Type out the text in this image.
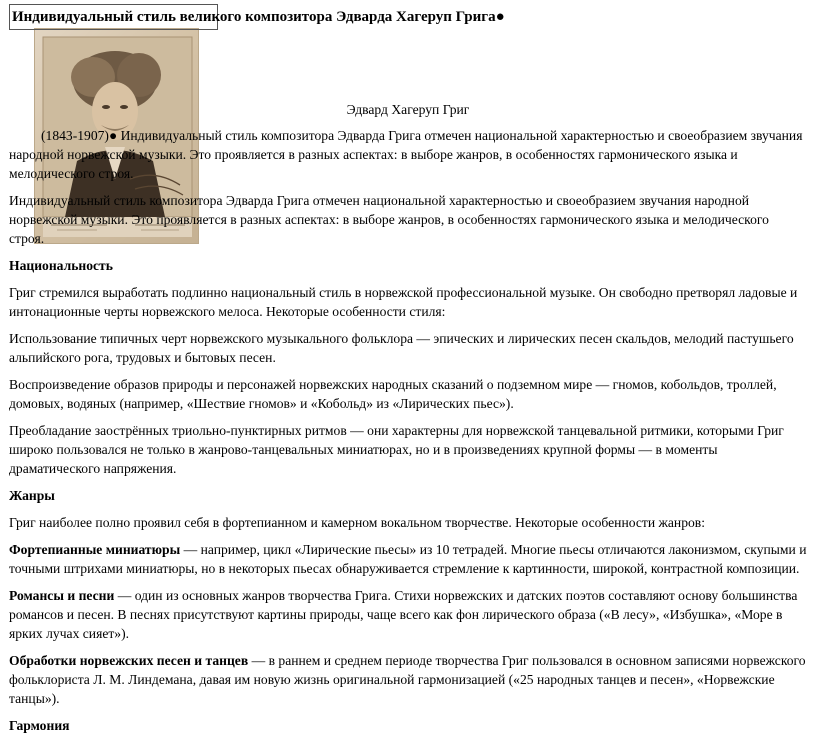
Индивидуальный стиль великого композитора Эдварда Хагеруп Грига●
Эдвард Хагеруп Григ

(1843-1907)● Индивидуальный стиль композитора Эдварда Грига отмечен национальной характерностью и своеобразием звучания народной норвежской музыки. Это проявляется в разных аспектах: в выборе жанров, в особенностях гармонического языка и мелодического строя.

Индивидуальный стиль композитора Эдварда Грига отмечен национальной характерностью и своеобразием звучания народной норвежской музыки. Это проявляется в разных аспектах: в выборе жанров, в особенностях гармонического языка и мелодического строя.

Национальность

Григ стремился выработать подлинно национальный стиль в норвежской профессиональной музыке. Он свободно претворял ладовые и интонационные черты норвежского мелоса. Некоторые особенности стиля:

Использование типичных черт норвежского музыкального фольклора — эпических и лирических песен скальдов, мелодий пастушьего альпийского рога, трудовых и бытовых песен.

Воспроизведение образов природы и персонажей норвежских народных сказаний о подземном мире — гномов, кобольдов, троллей, домовых, водяных (например, «Шествие гномов» и «Кобольд» из «Лирических пьес»).

Преобладание заострённых триольно-пунктирных ритмов — они характерны для норвежской танцевальной ритмики, которыми Григ широко пользовался не только в жанрово-танцевальных миниатюрах, но и в произведениях крупной формы — в моменты драматического напряжения.

Жанры

Григ наиболее полно проявил себя в фортепианном и камерном вокальном творчестве. Некоторые особенности жанров:

Фортепианные миниатюры — например, цикл «Лирические пьесы» из 10 тетрадей. Многие пьесы отличаются лаконизмом, скупыми и точными штрихами миниатюры, но в некоторых пьесах обнаруживается стремление к картинности, широкой, контрастной композиции.

Романсы и песни — один из основных жанров творчества Грига. Стихи норвежских и датских поэтов составляют основу большинства романсов и песен. В песнях присутствуют картины природы, чаще всего как фон лирического образа («В лесу», «Избушка», «Море в ярких лучах сияет»).

Обработки норвежских песен и танцев — в раннем и среднем периоде творчества Григ пользовался в основном записями норвежского фольклориста Л. М. Линдемана, давая им новую жизнь оригинальной гармонизацией («25 народных танцев и песен», «Норвежские танцы»).

Гармония
